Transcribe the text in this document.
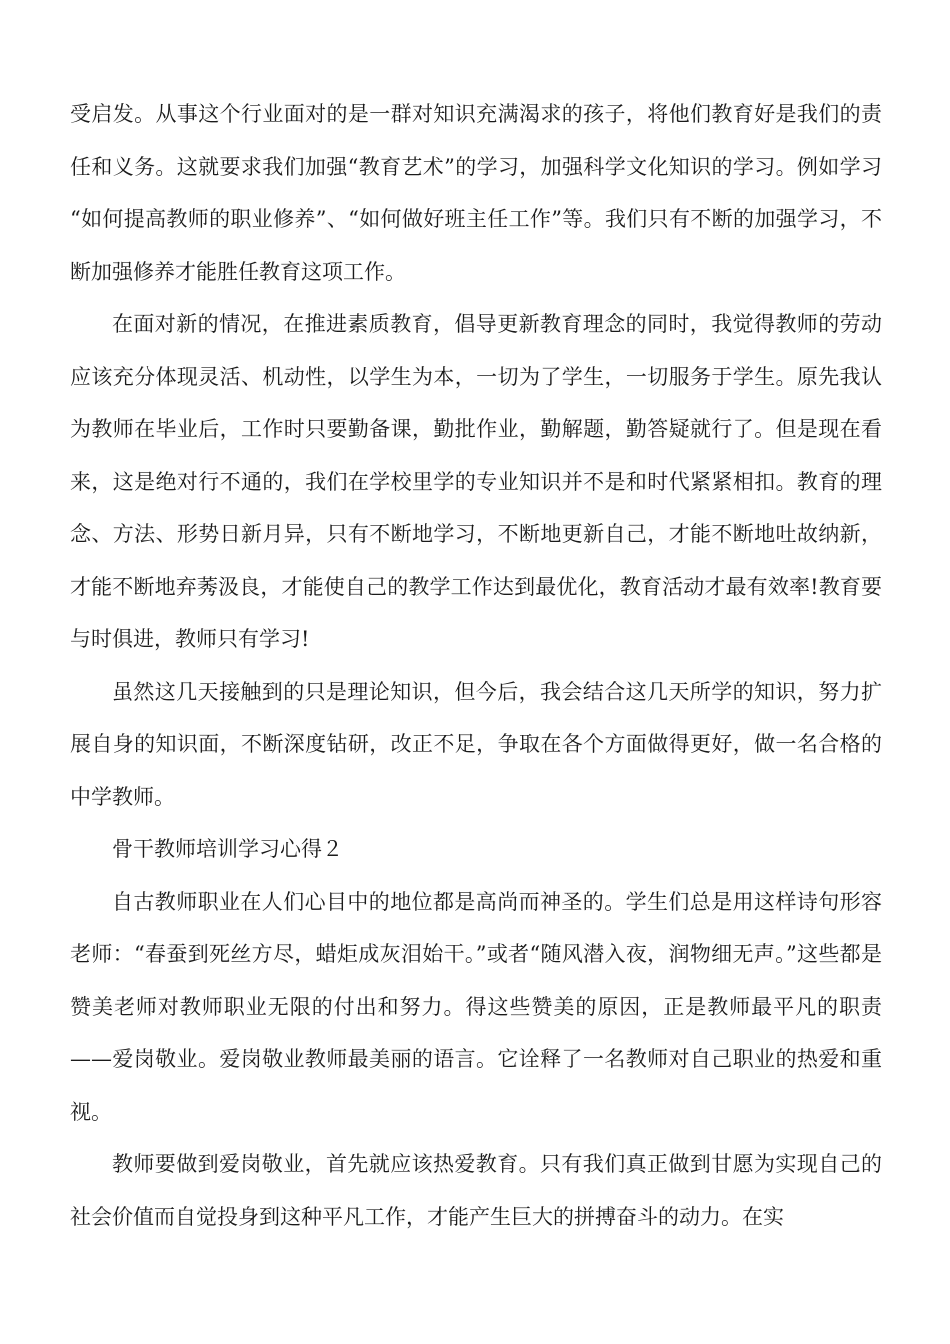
受启发。从事这个行业面对的是一群对知识充满渴求的孩子，将他们教育好是我们的责任和义务。这就要求我们加强“教育艺术”的学习，加强科学文化知识的学习。例如学习 “如何提高教师的职业修养”、“如何做好班主任工作”等。我们只有不断的加强学习，不断加强修养才能胜任教育这项工作。

在面对新的情况，在推进素质教育，倡导更新教育理念的同时，我觉得教师的劳动应该充分体现灵活、机动性，以学生为本，一切为了学生，一切服务于学生。原先我认为教师在毕业后，工作时只要勤备课，勤批作业，勤解题，勤答疑就行了。但是现在看来，这是绝对行不通的，我们在学校里学的专业知识并不是和时代紧紧相扣。教育的理念、方法、形势日新月异，只有不断地学习，不断地更新自己，才能不断地吐故纳新，才能不断地弃莠汲良，才能使自己的教学工作达到最优化，教育活动才最有效率!教育要与时俱进，教师只有学习!

虽然这几天接触到的只是理论知识，但今后，我会结合这几天所学的知识，努力扩展自身的知识面，不断深度钻研，改正不足，争取在各个方面做得更好，做一名合格的中学教师。

骨干教师培训学习心得２

自古教师职业在人们心目中的地位都是高尚而神圣的。学生们总是用这样诗句形容老师：“春蚕到死丝方尽，蜡炬成灰泪始干。”或者“随风潜入夜，润物细无声。”这些都是赞美老师对教师职业无限的付出和努力。得这些赞美的原因，正是教师最平凡的职责——爱岗敬业。爱岗敬业教师最美丽的语言。它诠释了一名教师对自己职业的热爱和重视。

教师要做到爱岗敬业，首先就应该热爱教育。只有我们真正做到甘愿为实现自己的社会价值而自觉投身到这种平凡工作，才能产生巨大的拼搏奋斗的动力。在实
